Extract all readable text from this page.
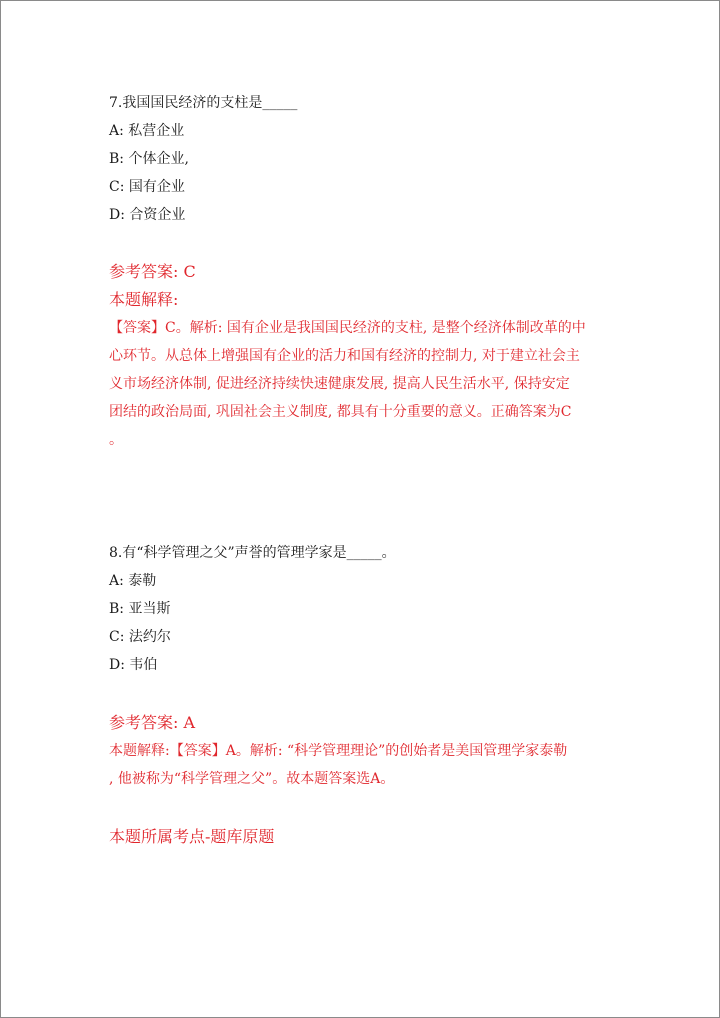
7.我国国民经济的支柱是_____
A: 私营企业
B: 个体企业,
C: 国有企业
D: 合资企业
参考答案: C
本题解释:
【答案】C。解析: 国有企业是我国国民经济的支柱, 是整个经济体制改革的中
心环节。从总体上增强国有企业的活力和国有经济的控制力, 对于建立社会主
义市场经济体制, 促进经济持续快速健康发展, 提高人民生活水平, 保持安定
团结的政治局面, 巩固社会主义制度, 都具有十分重要的意义。正确答案为C
。
8.有“科学管理之父”声誉的管理学家是_____。
A: 泰勒
B: 亚当斯
C: 法约尔
D: 韦伯
参考答案: A
本题解释:【答案】A。解析: “科学管理理论”的创始者是美国管理学家泰勒
, 他被称为“科学管理之父”。故本题答案选A。
本题所属考点-题库原题
